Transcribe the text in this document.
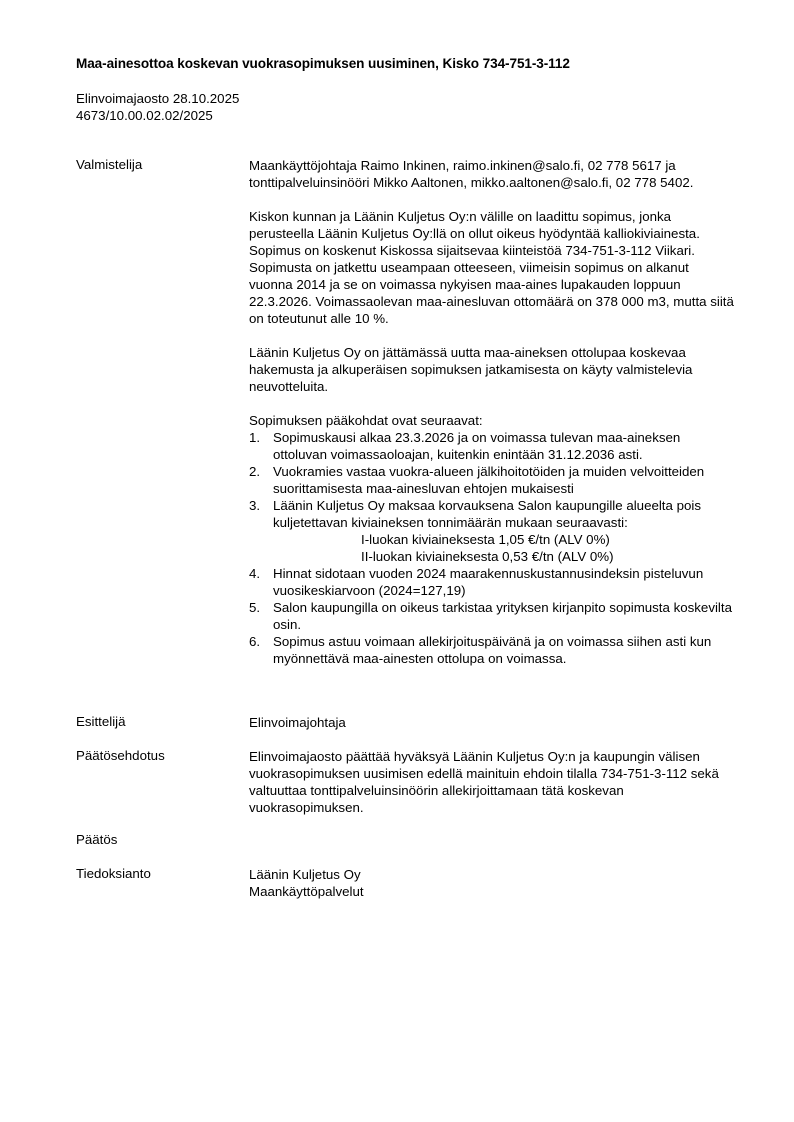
Maa-ainesottoa koskevan vuokrasopimuksen uusiminen, Kisko 734-751-3-112
Elinvoimajaosto 28.10.2025
4673/10.00.02.02/2025
Valmistelija	Maankäyttöjohtaja Raimo Inkinen, raimo.inkinen@salo.fi, 02 778 5617 ja tonttipalveluinsinööri Mikko Aaltonen, mikko.aaltonen@salo.fi, 02 778 5402.

Kiskon kunnan ja Läänin Kuljetus Oy:n välille on laadittu sopimus, jonka perusteella Läänin Kuljetus Oy:llä on ollut oikeus hyödyntää kalliokiviainesta. Sopimus on koskenut Kiskossa sijaitsevaa kiinteistöä 734-751-3-112 Viikari. Sopimusta on jatkettu useampaan otteeseen, viimeisin sopimus on alkanut vuonna 2014 ja se on voimassa nykyisen maa-aines lupakauden loppuun 22.3.2026. Voimassaolevan maa-ainesluvan ottomäärä on 378 000 m3, mutta siitä on toteutunut alle 10 %.

Läänin Kuljetus Oy on jättämässä uutta maa-aineksen ottolupaa koskevaa hakemusta ja alkuperäisen sopimuksen jatkamisesta on käyty valmistelevia neuvotteluita.

Sopimuksen pääkohdat ovat seuraavat:

1. Sopimuskausi alkaa 23.3.2026 ja on voimassa tulevan maa-aineksen ottoluvan voimassaoloajan, kuitenkin enintään 31.12.2036 asti.
2. Vuokramies vastaa vuokra-alueen jälkihoitotöiden ja muiden velvoitteiden suorittamisesta maa-ainesluvan ehtojen mukaisesti
3. Läänin Kuljetus Oy maksaa korvauksena Salon kaupungille alueelta pois kuljetettavan kiviaineksen tonnimäärän mukaan seuraavasti:
I-luokan kiviaineksesta 1,05 €/tn (ALV 0%)
II-luokan kiviaineksesta 0,53 €/tn (ALV 0%)
4. Hinnat sidotaan vuoden 2024 maarakennuskustannusindeksin pisteluvun vuosikeskiarvoon (2024=127,19)
5. Salon kaupungilla on oikeus tarkistaa yrityksen kirjanpito sopimusta koskevilta osin.
6. Sopimus astuu voimaan allekirjoituspäivänä ja on voimassa siihen asti kun myönnettävä maa-ainesten ottolupa on voimassa.
Esittelijä	Elinvoimajohtaja
Päätösehdotus	Elinvoimajaosto päättää hyväksyä Läänin Kuljetus Oy:n ja kaupungin välisen vuokrasopimuksen uusimisen edellä mainituin ehdoin tilalla 734-751-3-112 sekä valtuuttaa tonttipalveluinsinöörin allekirjoittamaan tätä koskevan vuokrasopimuksen.
Päätös
Tiedoksianto	Läänin Kuljetus Oy
Maankäyttöpalvelut
